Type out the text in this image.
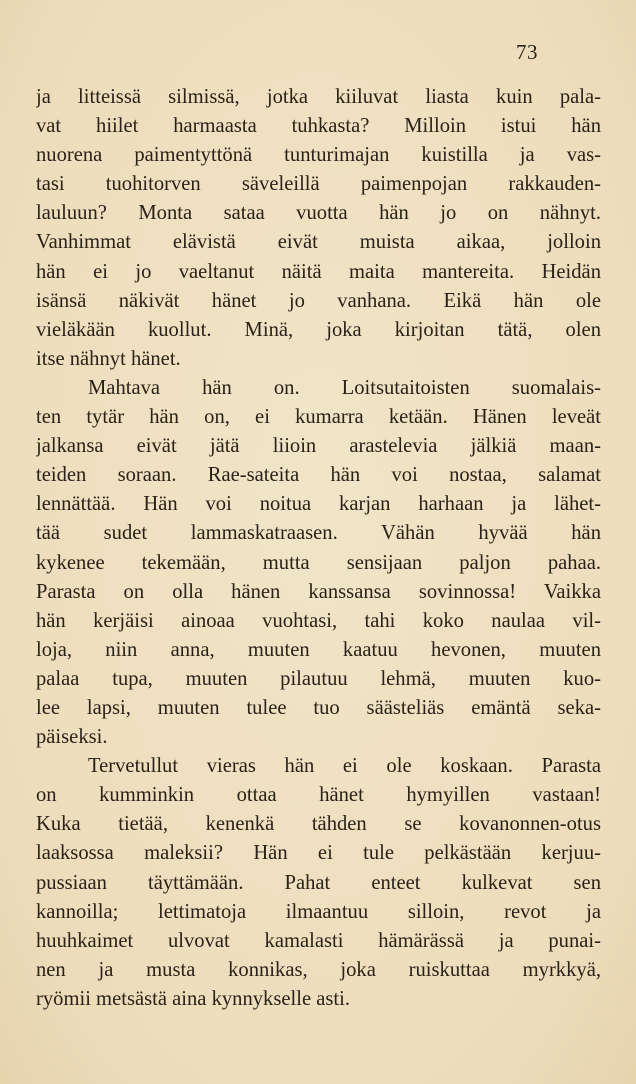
73
ja litteissä silmissä, jotka kiiluvat liasta kuin pala-
vat hiilet harmaasta tuhkasta? Milloin istui hän
nuorena paimentyttönä tunturimajan kuistilla ja vas-
tasi tuohitorven säveleillä paimenpojan rakkauden-
lauluun? Monta sataa vuotta hän jo on nähnyt.
Vanhimmat elävistä eivät muista aikaa, jolloin
hän ei jo vaeltanut näitä maita mantereita. Heidän
isänsä näkivät hänet jo vanhana. Eikä hän ole
vieläkään kuollut. Minä, joka kirjoitan tätä, olen
itse nähnyt hänet.
Mahtava hän on. Loitsutaitoisten suomalais-
ten tytär hän on, ei kumarra ketään. Hänen leveät
jalkansa eivät jätä liioin arastelevia jälkiä maan-
teiden soraan. Rae-sateita hän voi nostaa, salamat
lennättää. Hän voi noitua karjan harhaan ja lähet-
tää sudet lammaskatraasen. Vähän hyvää hän
kykenee tekemään, mutta sensijaan paljon pahaa.
Parasta on olla hänen kanssansa sovinnossa! Vaikka
hän kerjäisi ainoaa vuohtasi, tahi koko naulaa vil-
loja, niin anna, muuten kaatuu hevonen, muuten
palaa tupa, muuten pilautuu lehmä, muuten kuo-
lee lapsi, muuten tulee tuo säästeliäs emäntä seka-
päiseksi.
Tervetullut vieras hän ei ole koskaan. Parasta
on kumminkin ottaa hänet hymyillen vastaan!
Kuka tietää, kenenkä tähden se kovanonnen-otus
laaksossa maleksii? Hän ei tule pelkästään kerjuu-
pussiaan täyttämään. Pahat enteet kulkevat sen
kannoilla; lettimatoja ilmaantuu silloin, revot ja
huuhkaimet ulvovat kamalasti hämärässä ja punai-
nen ja musta konnikas, joka ruiskuttaa myrkkyä,
ryömii metsästä aina kynnykselle asti.
